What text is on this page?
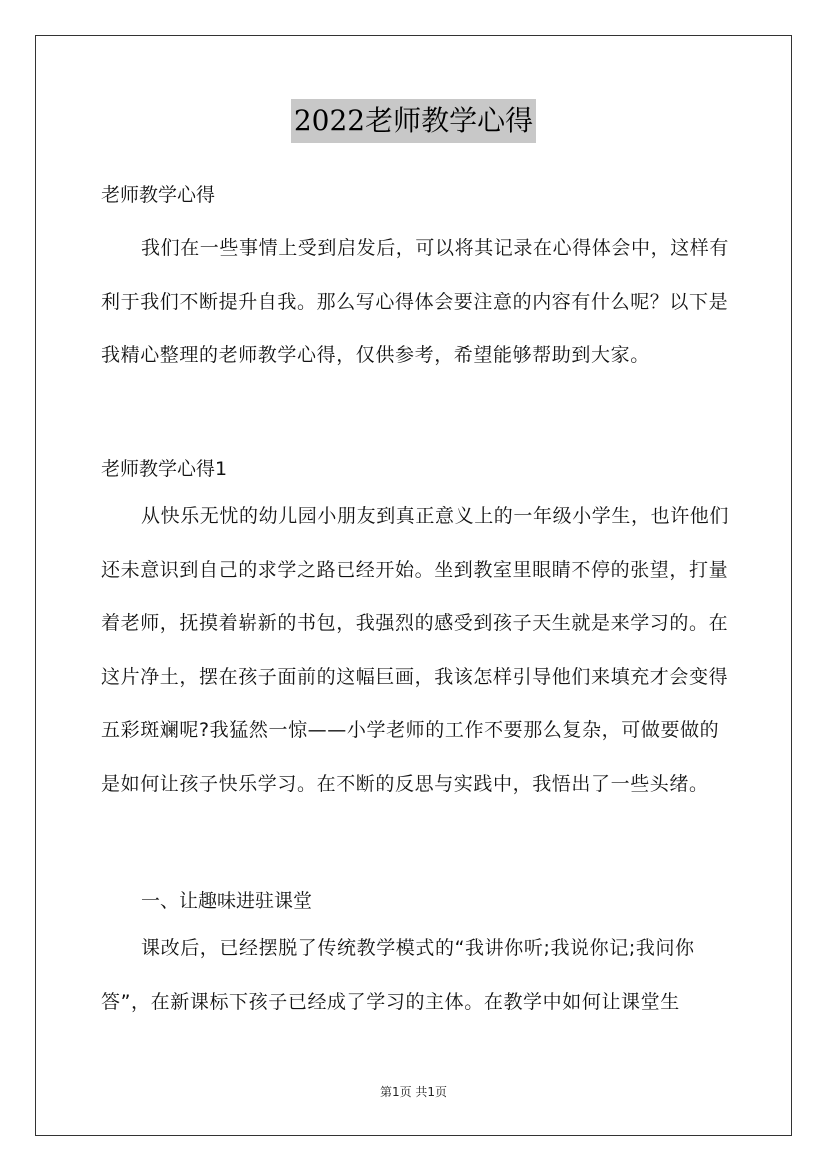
2022老师教学心得
老师教学心得
我们在一些事情上受到启发后，可以将其记录在心得体会中，这样有利于我们不断提升自我。那么写心得体会要注意的内容有什么呢？以下是我精心整理的老师教学心得，仅供参考，希望能够帮助到大家。
老师教学心得1
从快乐无忧的幼儿园小朋友到真正意义上的一年级小学生，也许他们还未意识到自己的求学之路已经开始。坐到教室里眼睛不停的张望，打量着老师，抚摸着崭新的书包，我强烈的感受到孩子天生就是来学习的。在这片净土，摆在孩子面前的这幅巨画，我该怎样引导他们来填充才会变得五彩斑斓呢?我猛然一惊——小学老师的工作不要那么复杂，可做要做的是如何让孩子快乐学习。在不断的反思与实践中，我悟出了一些头绪。
一、让趣味进驻课堂
课改后，已经摆脱了传统教学模式的“我讲你听;我说你记;我问你答”，在新课标下孩子已经成了学习的主体。在教学中如何让课堂生
第1页 共1页
